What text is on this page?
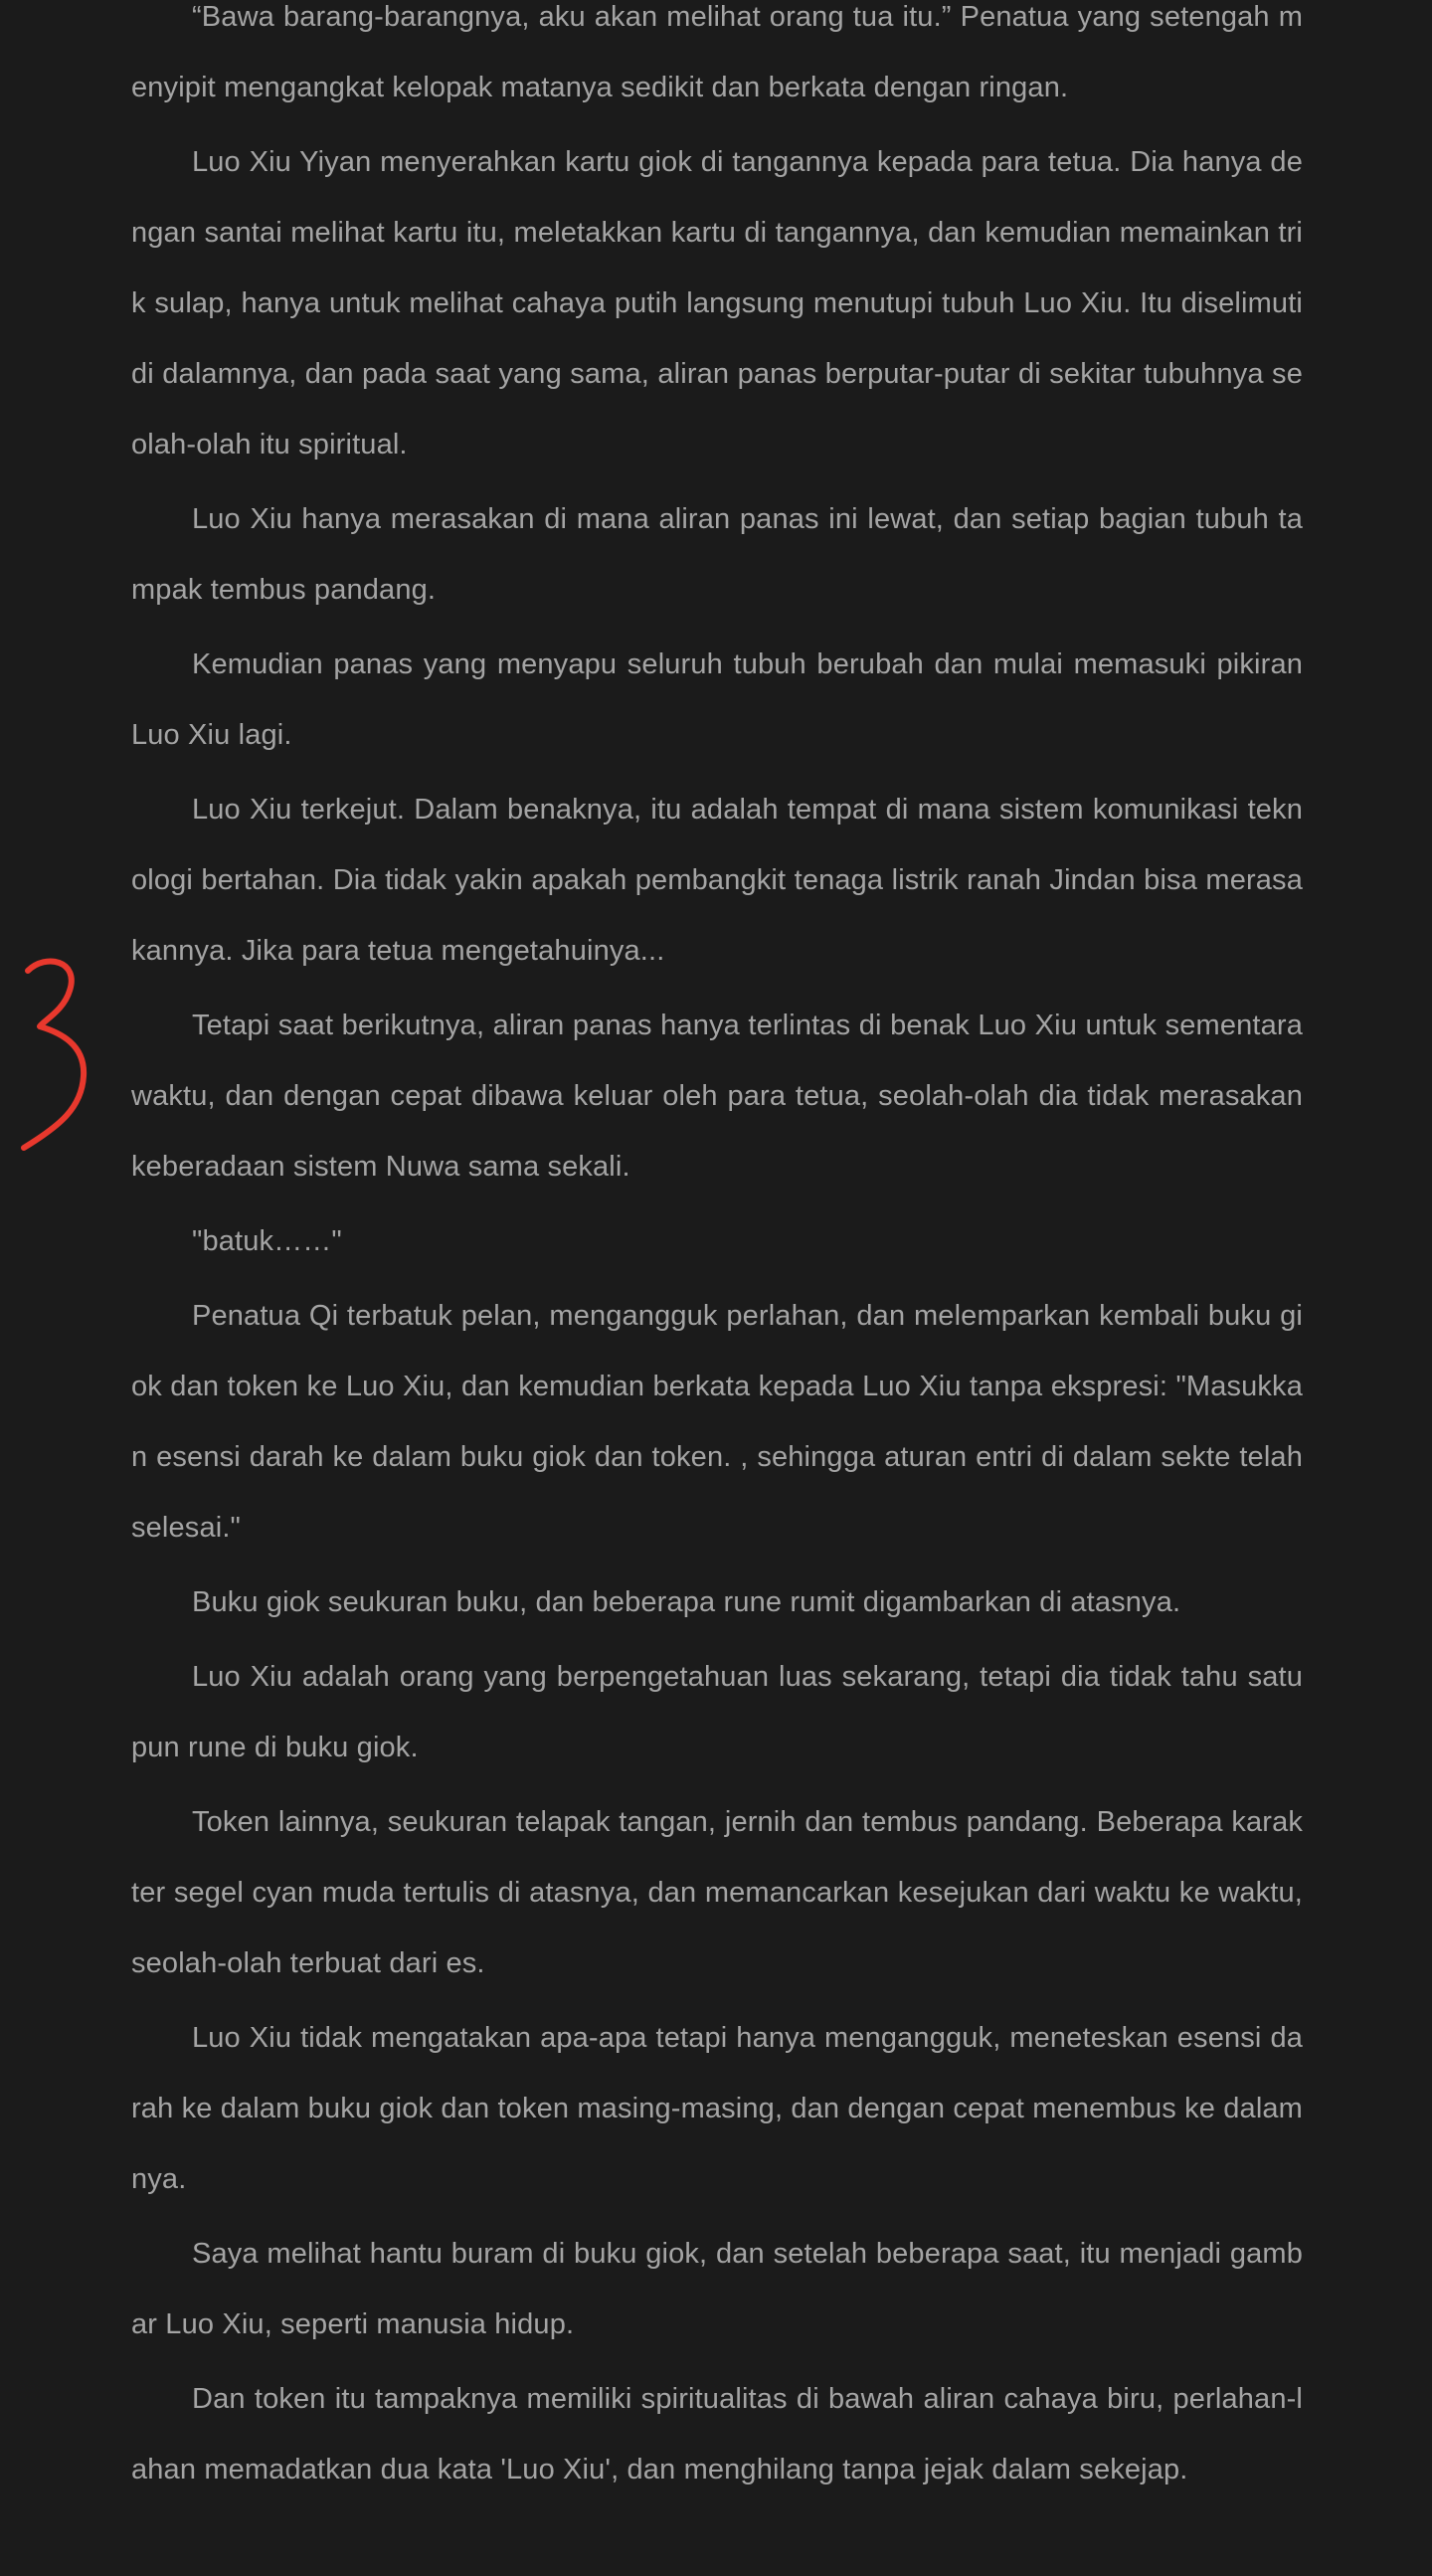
“Bawa barang-barangnya, aku akan melihat orang tua itu.” Penatua yang setengah menyipit mengangkat kelopak matanya sedikit dan berkata dengan ringan.

Luo Xiu Yiyan menyerahkan kartu giok di tangannya kepada para tetua. Dia hanya dengan santai melihat kartu itu, meletakkan kartu di tangannya, dan kemudian memainkan trik sulap, hanya untuk melihat cahaya putih langsung menutupi tubuh Luo Xiu. Itu diselimuti di dalamnya, dan pada saat yang sama, aliran panas berputar-putar di sekitar tubuhnya seolah-olah itu spiritual.

Luo Xiu hanya merasakan di mana aliran panas ini lewat, dan setiap bagian tubuh tampak tembus pandang.

Kemudian panas yang menyapu seluruh tubuh berubah dan mulai memasuki pikiran Luo Xiu lagi.

Luo Xiu terkejut. Dalam benaknya, itu adalah tempat di mana sistem komunikasi teknologi bertahan. Dia tidak yakin apakah pembangkit tenaga listrik ranah Jindan bisa merasakannya. Jika para tetua mengetahuinya...

Tetapi saat berikutnya, aliran panas hanya terlintas di benak Luo Xiu untuk sementara waktu, dan dengan cepat dibawa keluar oleh para tetua, seolah-olah dia tidak merasakan keberadaan sistem Nuwa sama sekali.

"batuk……"

Penatua Qi terbatuk pelan, mengangguk perlahan, dan melemparkan kembali buku giok dan token ke Luo Xiu, dan kemudian berkata kepada Luo Xiu tanpa ekspresi: "Masukkan esensi darah ke dalam buku giok dan token. , sehingga aturan entri di dalam sekte telah selesai."

Buku giok seukuran buku, dan beberapa rune rumit digambarkan di atasnya.

Luo Xiu adalah orang yang berpengetahuan luas sekarang, tetapi dia tidak tahu satu pun rune di buku giok.

Token lainnya, seukuran telapak tangan, jernih dan tembus pandang. Beberapa karakter segel cyan muda tertulis di atasnya, dan memancarkan kesejukan dari waktu ke waktu, seolah-olah terbuat dari es.

Luo Xiu tidak mengatakan apa-apa tetapi hanya mengangguk, meneteskan esensi darah ke dalam buku giok dan token masing-masing, dan dengan cepat menembus ke dalamnya.

Saya melihat hantu buram di buku giok, dan setelah beberapa saat, itu menjadi gambar Luo Xiu, seperti manusia hidup.

Dan token itu tampaknya memiliki spiritualitas di bawah aliran cahaya biru, perlahan-lahan memadatkan dua kata 'Luo Xiu', dan menghilang tanpa jejak dalam sekejap.
